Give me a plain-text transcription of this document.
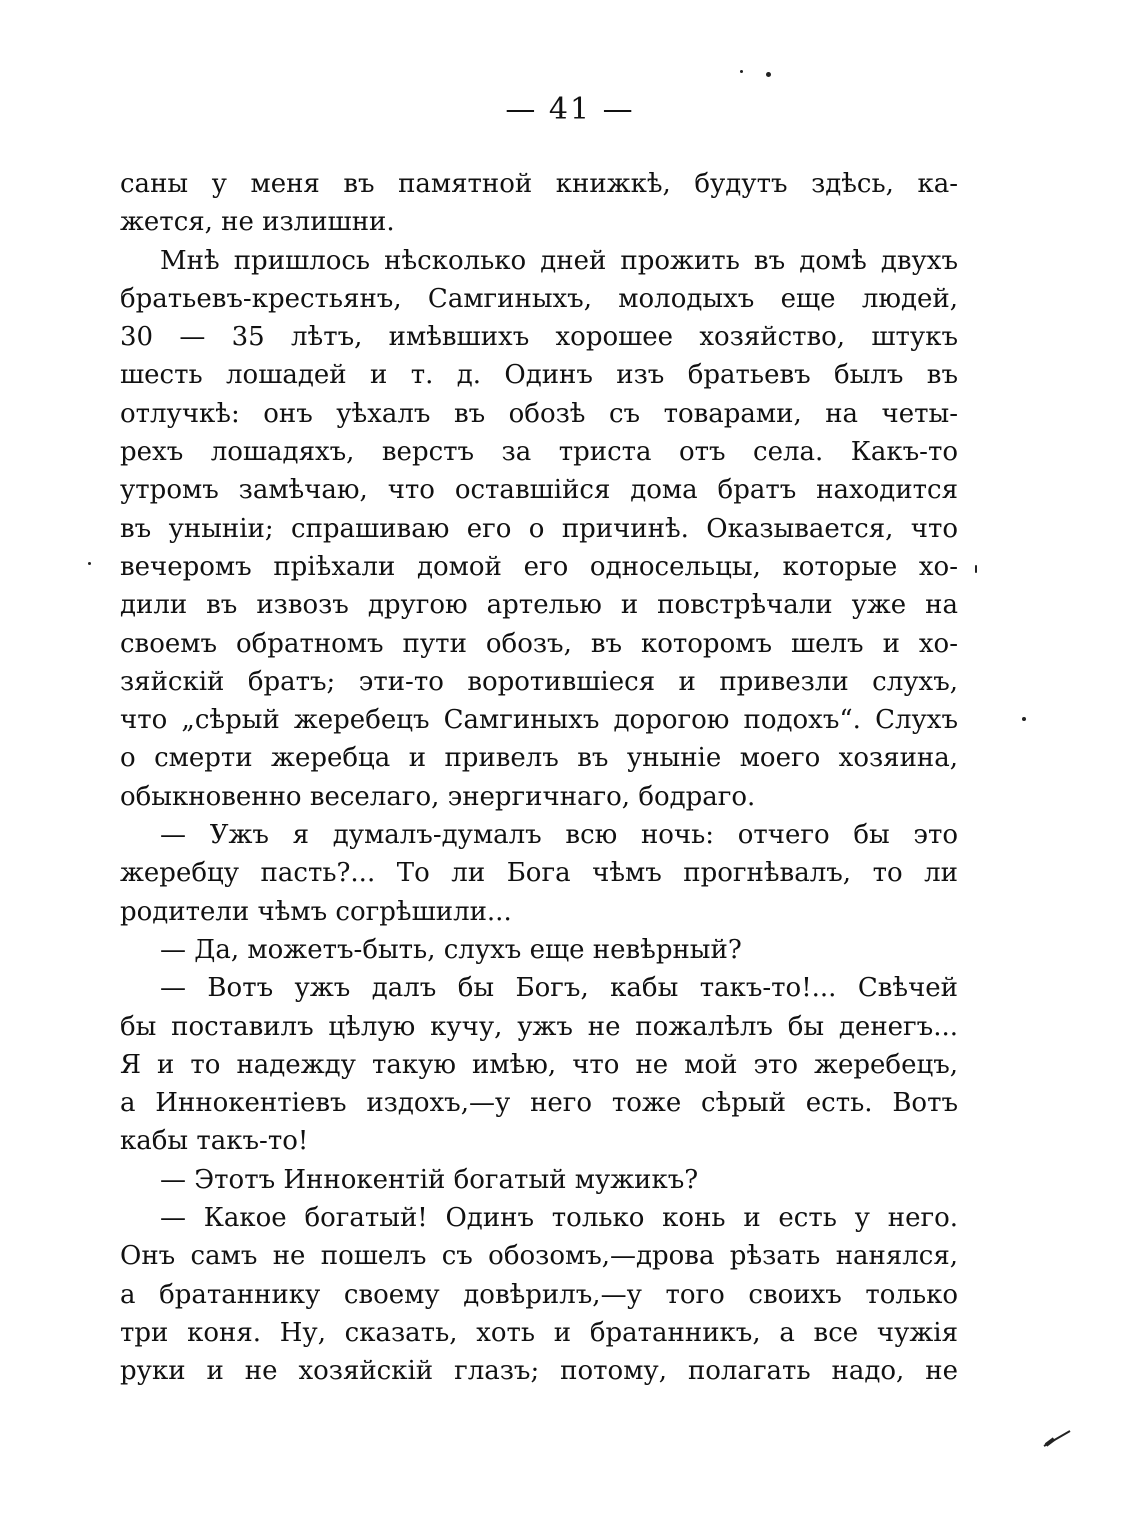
— 41 —
саны у меня въ памятной книжкѣ, будутъ здѣсь, ка-
жется, не излишни.
Мнѣ пришлось нѣсколько дней прожить въ домѣ двухъ
братьевъ-крестьянъ, Самгиныхъ, молодыхъ еще людей,
30 — 35 лѣтъ, имѣвшихъ хорошее хозяйство, штукъ
шесть лошадей и т. д. Одинъ изъ братьевъ былъ въ
отлучкѣ: онъ уѣхалъ въ обозѣ съ товарами, на четы-
рехъ лошадяхъ, верстъ за триста отъ села. Какъ-то
утромъ замѣчаю, что оставшійся дома братъ находится
въ уныніи; спрашиваю его о причинѣ. Оказывается, что
вечеромъ пріѣхали домой его односельцы, которые хо-
дили въ извозъ другою артелью и повстрѣчали уже на
своемъ обратномъ пути обозъ, въ которомъ шелъ и хо-
зяйскій братъ; эти-то воротившіеся и привезли слухъ,
что „сѣрый жеребецъ Самгиныхъ дорогою подохъ“. Слухъ
о смерти жеребца и привелъ въ уныніе моего хозяина,
обыкновенно веселаго, энергичнаго, бодраго.
— Ужъ я думалъ-думалъ всю ночь: отчего бы это
жеребцу пасть?... То ли Бога чѣмъ прогнѣвалъ, то ли
родители чѣмъ согрѣшили...
— Да, можетъ-быть, слухъ еще невѣрный?
— Вотъ ужъ далъ бы Богъ, кабы такъ-то!... Свѣчей
бы поставилъ цѣлую кучу, ужъ не пожалѣлъ бы денегъ...
Я и то надежду такую имѣю, что не мой это жеребецъ,
а Иннокентіевъ издохъ,—у него тоже сѣрый есть. Вотъ
кабы такъ-то!
— Этотъ Иннокентій богатый мужикъ?
— Какое богатый! Одинъ только конь и есть у него.
Онъ самъ не пошелъ съ обозомъ,—дрова рѣзать нанялся,
а братаннику своему довѣрилъ,—у того своихъ только
три коня. Ну, сказать, хоть и братанникъ, а все чужія
руки и не хозяйскій глазъ; потому, полагать надо, не
